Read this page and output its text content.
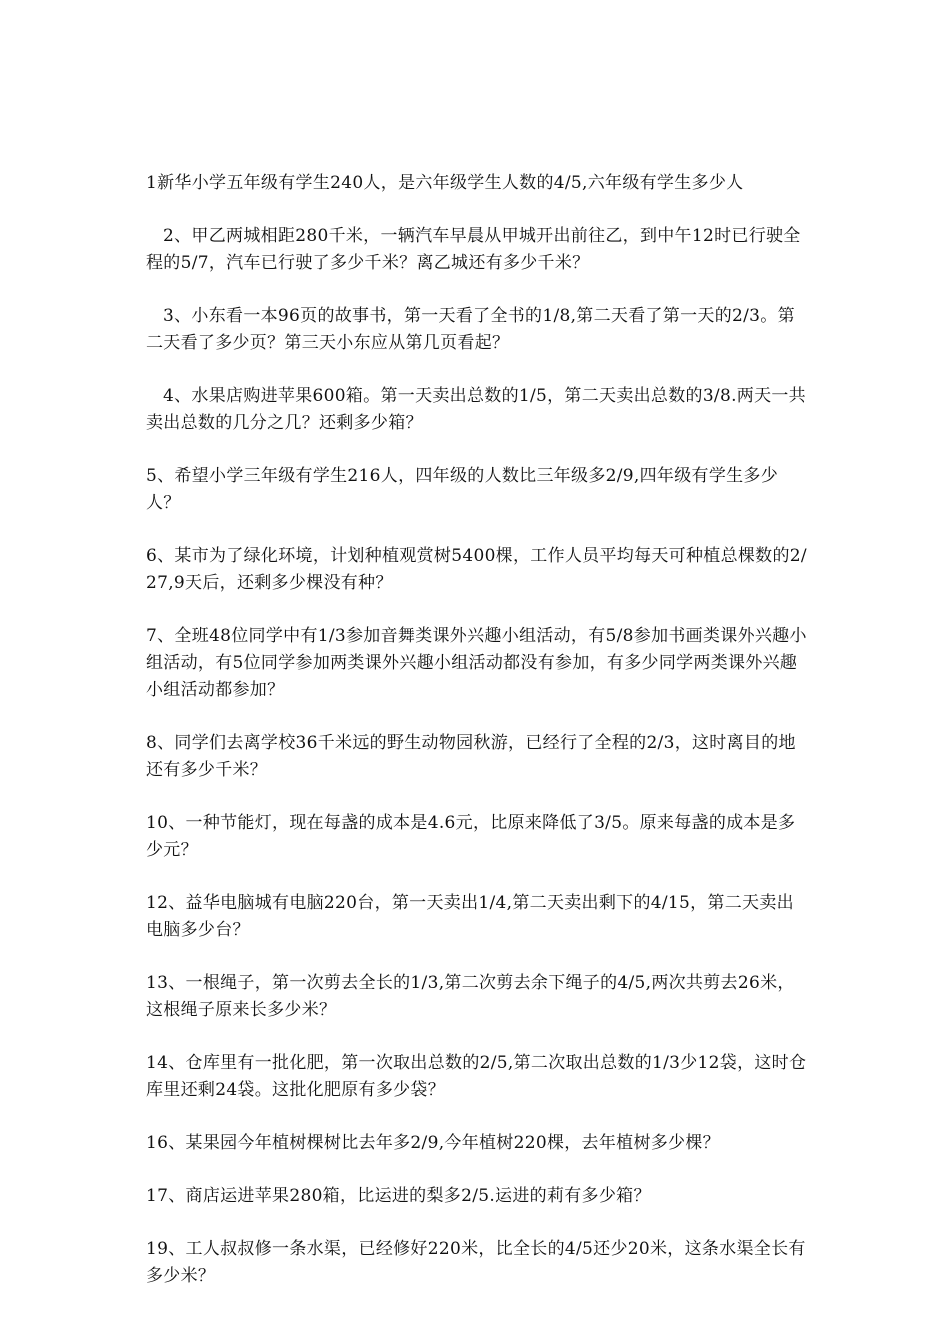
1新华小学五年级有学生240人，是六年级学生人数的4/5,六年级有学生多少人

2、甲乙两城相距280千米，一辆汽车早晨从甲城开出前往乙，到中午12时已行驶全程的5/7，汽车已行驶了多少千米？离乙城还有多少千米？

3、小东看一本96页的故事书，第一天看了全书的1/8,第二天看了第一天的2/3。第二天看了多少页？第三天小东应从第几页看起？

4、水果店购进苹果600箱。第一天卖出总数的1/5，第二天卖出总数的3/8.两天一共卖出总数的几分之几？还剩多少箱？

5、希望小学三年级有学生216人，四年级的人数比三年级多2/9,四年级有学生多少人？

6、某市为了绿化环境，计划种植观赏树5400棵，工作人员平均每天可种植总棵数的2/27,9天后，还剩多少棵没有种？

7、全班48位同学中有1/3参加音舞类课外兴趣小组活动，有5/8参加书画类课外兴趣小组活动，有5位同学参加两类课外兴趣小组活动都没有参加，有多少同学两类课外兴趣小组活动都参加？

8、同学们去离学校36千米远的野生动物园秋游，已经行了全程的2/3，这时离目的地还有多少千米？

10、一种节能灯，现在每盏的成本是4.6元，比原来降低了3/5。原来每盏的成本是多少元？

12、益华电脑城有电脑220台，第一天卖出1/4,第二天卖出剩下的4/15，第二天卖出电脑多少台？

13、一根绳子，第一次剪去全长的1/3,第二次剪去余下绳子的4/5,两次共剪去26米，这根绳子原来长多少米？

14、仓库里有一批化肥，第一次取出总数的2/5,第二次取出总数的1/3少12袋，这时仓库里还剩24袋。这批化肥原有多少袋？

16、某果园今年植树棵树比去年多2/9,今年植树220棵，去年植树多少棵？

17、商店运进苹果280箱，比运进的梨多2/5.运进的莉有多少箱？

19、工人叔叔修一条水渠，已经修好220米，比全长的4/5还少20米，这条水渠全长有多少米？
